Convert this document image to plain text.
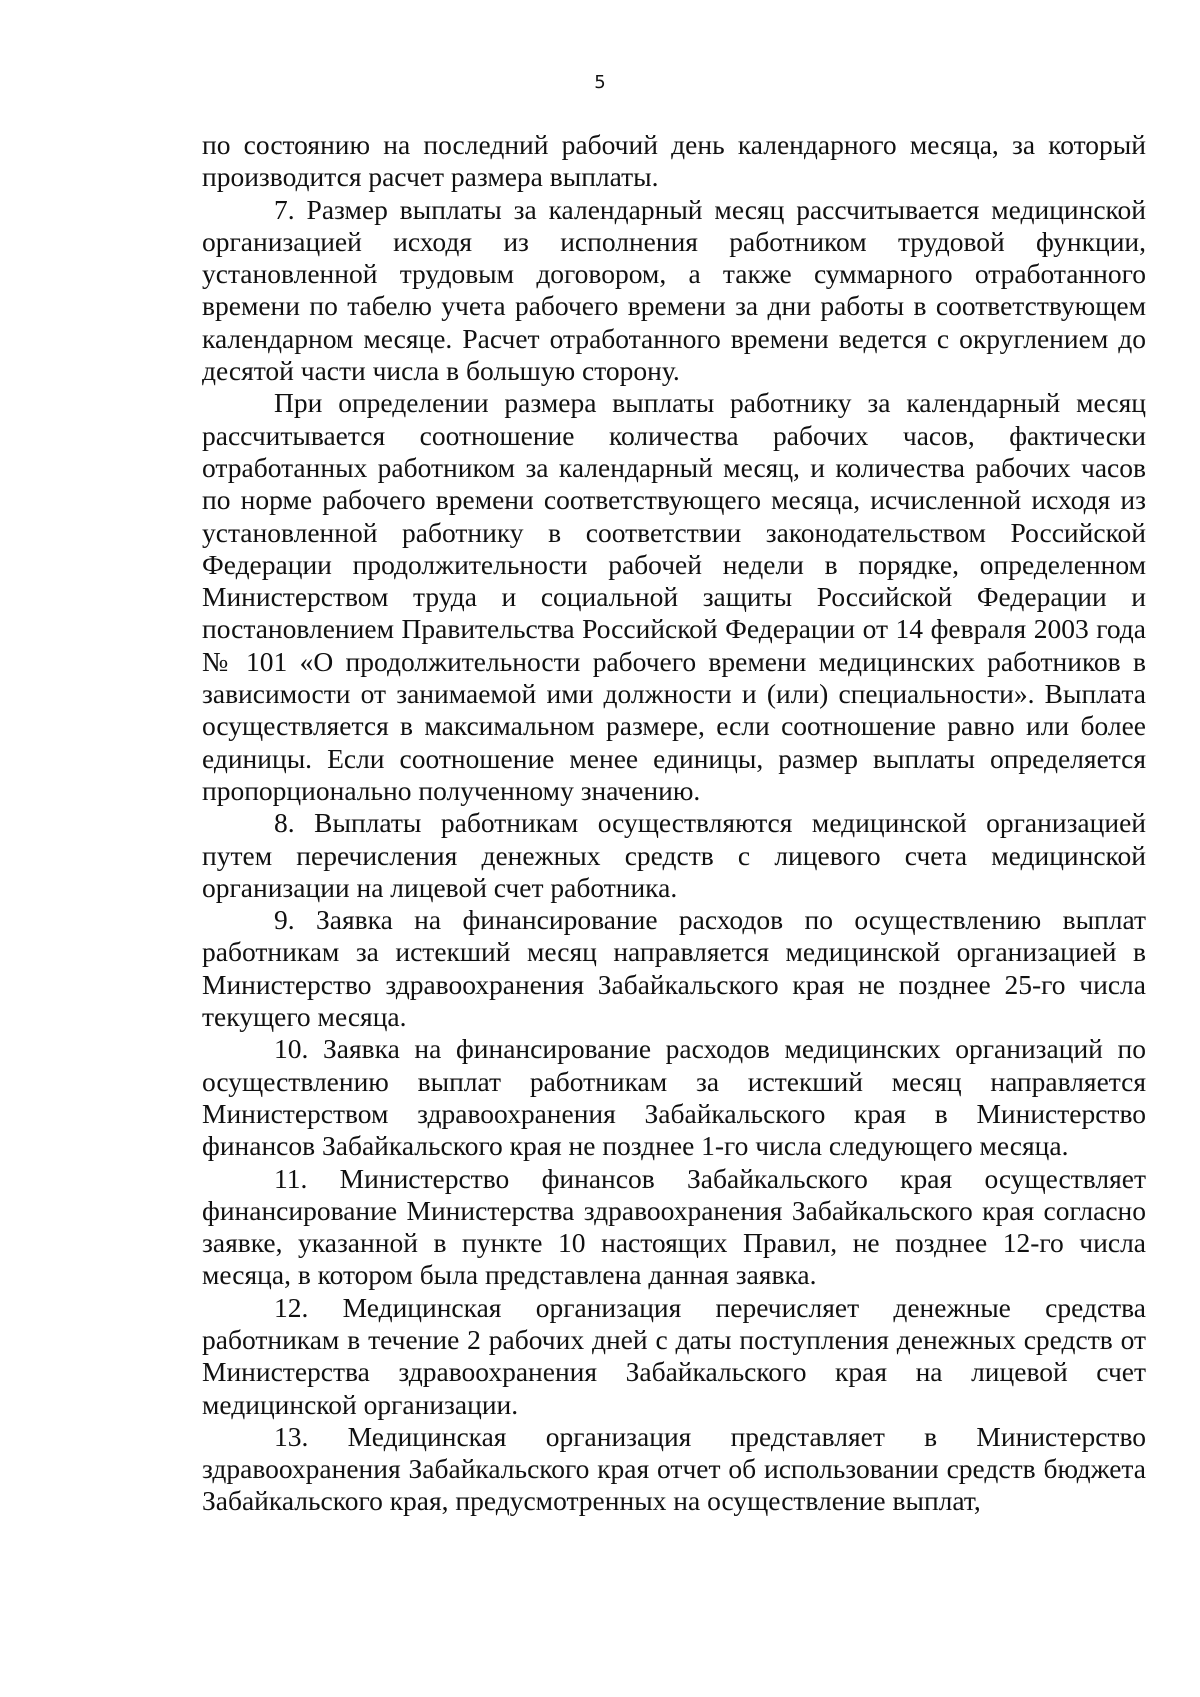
5

по состоянию на последний рабочий день календарного месяца, за который производится расчет размера выплаты.

7. Размер выплаты за календарный месяц рассчитывается медицинской организацией исходя из исполнения работником трудовой функции, установленной трудовым договором, а также суммарного отработанного времени по табелю учета рабочего времени за дни работы в соответствующем календарном месяце. Расчет отработанного времени ведется с округлением до десятой части числа в большую сторону.

При определении размера выплаты работнику за календарный месяц рассчитывается соотношение количества рабочих часов, фактически отработанных работником за календарный месяц, и количества рабочих часов по норме рабочего времени соответствующего месяца, исчисленной исходя из установленной работнику в соответствии законодательством Российской Федерации продолжительности рабочей недели в порядке, определенном Министерством труда и социальной защиты Российской Федерации и постановлением Правительства Российской Федерации от 14 февраля 2003 года № 101 «О продолжительности рабочего времени медицинских работников в зависимости от занимаемой ими должности и (или) специальности». Выплата осуществляется в максимальном размере, если соотношение равно или более единицы. Если соотношение менее единицы, размер выплаты определяется пропорционально полученному значению.

8. Выплаты работникам осуществляются медицинской организацией путем перечисления денежных средств с лицевого счета медицинской организации на лицевой счет работника.

9. Заявка на финансирование расходов по осуществлению выплат работникам за истекший месяц направляется медицинской организацией в Министерство здравоохранения Забайкальского края не позднее 25-го числа текущего месяца.

10. Заявка на финансирование расходов медицинских организаций по осуществлению выплат работникам за истекший месяц направляется Министерством здравоохранения Забайкальского края в Министерство финансов Забайкальского края не позднее 1-го числа следующего месяца.

11. Министерство финансов Забайкальского края осуществляет финансирование Министерства здравоохранения Забайкальского края согласно заявке, указанной в пункте 10 настоящих Правил, не позднее 12-го числа месяца, в котором была представлена данная заявка.

12. Медицинская организация перечисляет денежные средства работникам в течение 2 рабочих дней с даты поступления денежных средств от Министерства здравоохранения Забайкальского края на лицевой счет медицинской организации.

13. Медицинская организация представляет в Министерство здравоохранения Забайкальского края отчет об использовании средств бюджета Забайкальского края, предусмотренных на осуществление выплат,
